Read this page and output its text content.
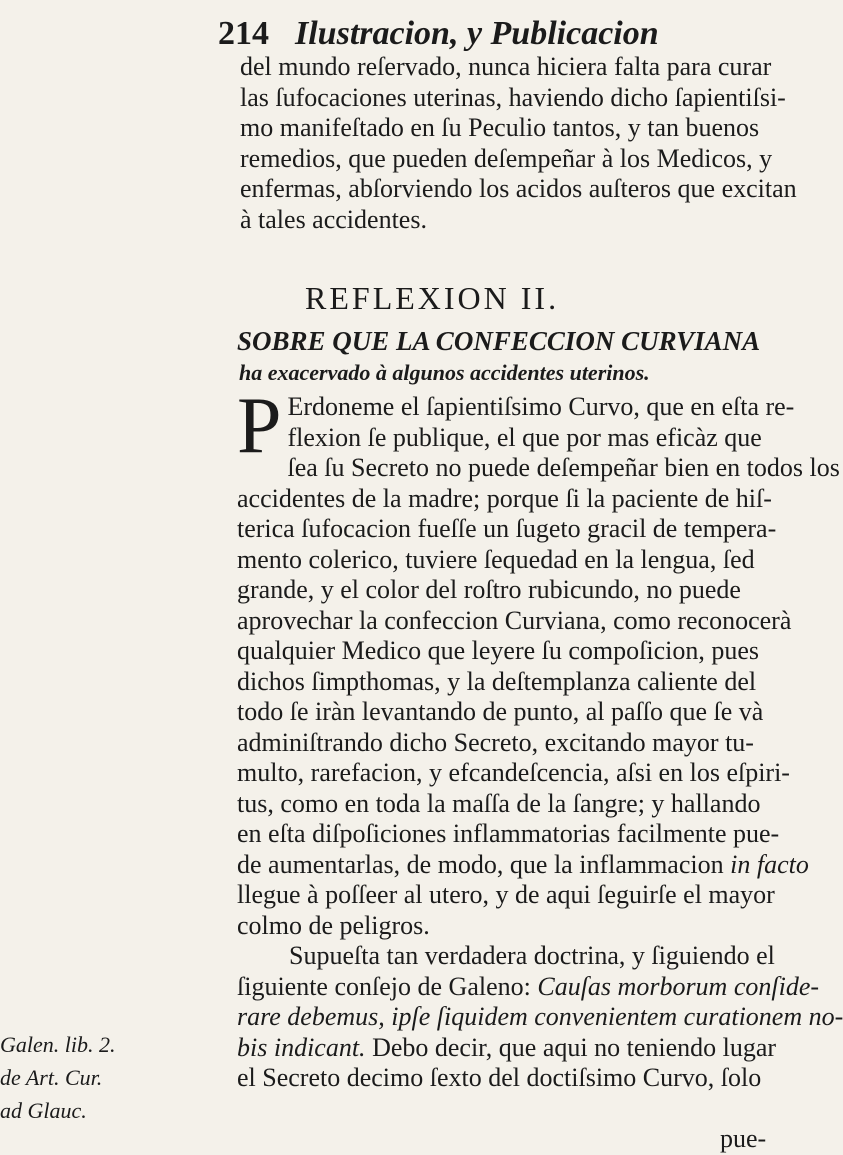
214 Ilustracion, y Publicacion
del mundo reſervado, nunca hiciera falta para curar
las ſufocaciones uterinas, haviendo dicho ſapientiſsi-
mo manifeſtado en ſu Peculio tantos, y tan buenos
remedios, que pueden deſempeñar à los Medicos, y
enfermas, abſorviendo los acidos auſteros que excitan
à tales accidentes.
REFLEXION II.
SOBRE QUE LA CONFECCION CURVIANA
ha exacervado à algunos accidentes uterinos.
P Erdoneme el ſapientiſsimo Curvo, que en eſta re-
flexion ſe publique, el que por mas eficàz que
ſea ſu Secreto no puede deſempeñar bien en todos los
accidentes de la madre; porque ſi la paciente de hiſ-
terica ſufocacion fueſſe un ſugeto gracil de tempera-
mento colerico, tuviere ſequedad en la lengua, ſed
grande, y el color del roſtro rubicundo, no puede
aprovechar la confeccion Curviana, como reconocerà
qualquier Medico que leyere ſu compoſicion, pues
dichos ſimpthomas, y la deſtemplanza caliente del
todo ſe iràn levantando de punto, al paſſo que ſe và
adminiſtrando dicho Secreto, excitando mayor tu-
multo, rarefacion, y efcandeſcencia, aſsi en los eſpiri-
tus, como en toda la maſſa de la ſangre; y hallando
en eſta diſpoſiciones inflammatorias facilmente pue-
de aumentarlas, de modo, que la inflammacion in facto
llegue à poſſeer al utero, y de aqui ſeguirſe el mayor
colmo de peligros.
  Supueſta tan verdadera doctrina, y ſiguiendo el
ſiguiente conſejo de Galeno: Cauſas morborum conſide-
rare debemus, ipſe ſiquidem convenientem curationem no-
bis indicant. Debo decir, que aqui no teniendo lugar
el Secreto decimo ſexto del doctiſsimo Curvo, ſolo
Galen. lib. 2.
de Art. Cur.
ad Glauc.
pue-
